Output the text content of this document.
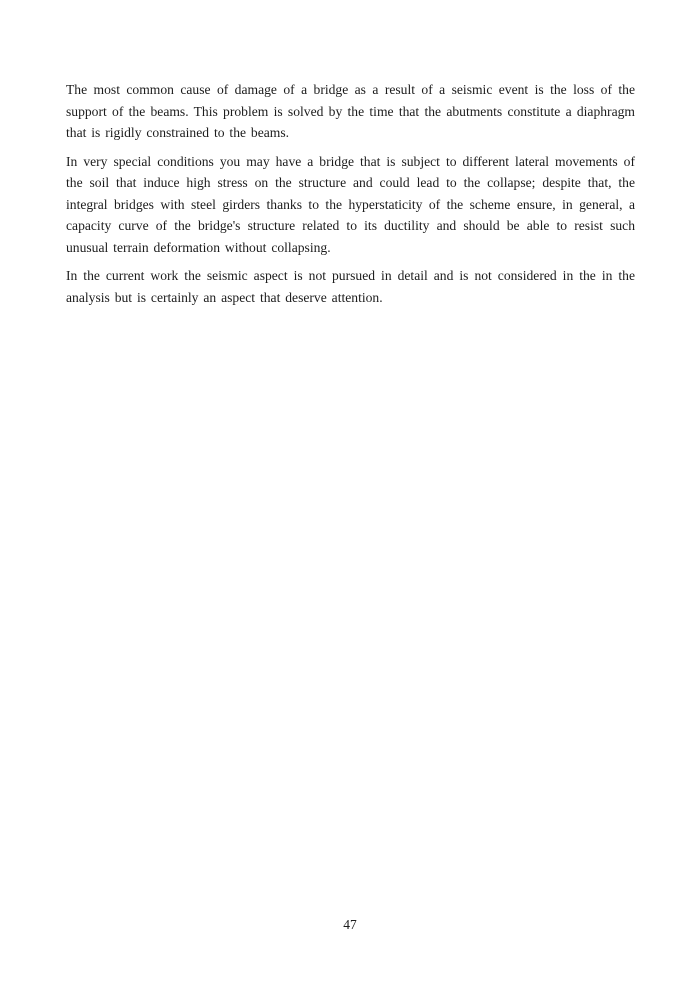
The most common cause of damage of a bridge as a result of a seismic event is the loss of the support of the beams. This problem is solved by the time that the abutments constitute a diaphragm that is rigidly constrained to the beams.

In very special conditions you may have a bridge that is subject to different lateral movements of the soil that induce high stress on the structure and could lead to the collapse; despite that, the integral bridges with steel girders thanks to the hyperstaticity of the scheme ensure, in general, a capacity curve of the bridge's structure related to its ductility and should be able to resist such unusual terrain deformation without collapsing.

In the current work the seismic aspect is not pursued in detail and is not considered in the in the analysis but is certainly an aspect that deserve attention.

47
